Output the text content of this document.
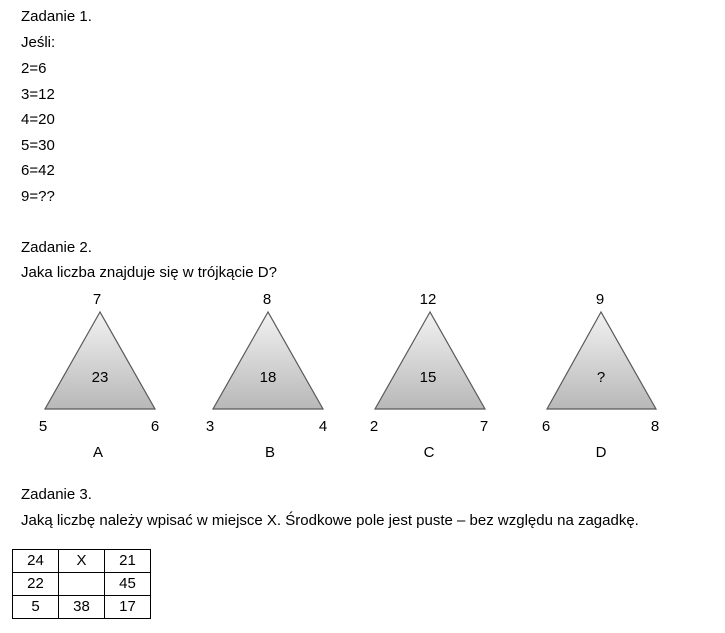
Zadanie 1.
Jeśli:
2=6
3=12
4=20
5=30
6=42
9=??
Zadanie 2.
Jaka liczba znajduje się w trójkącie D?
7
23
5	6
A
8
18
3	4
B
12
15
2	7
C
9
?
6	8
D
Zadanie 3.
Jaką liczbę należy wpisać w miejsce X. Środkowe pole jest puste – bez względu na zagadkę.
24	X	21
22		45
5	38	17
